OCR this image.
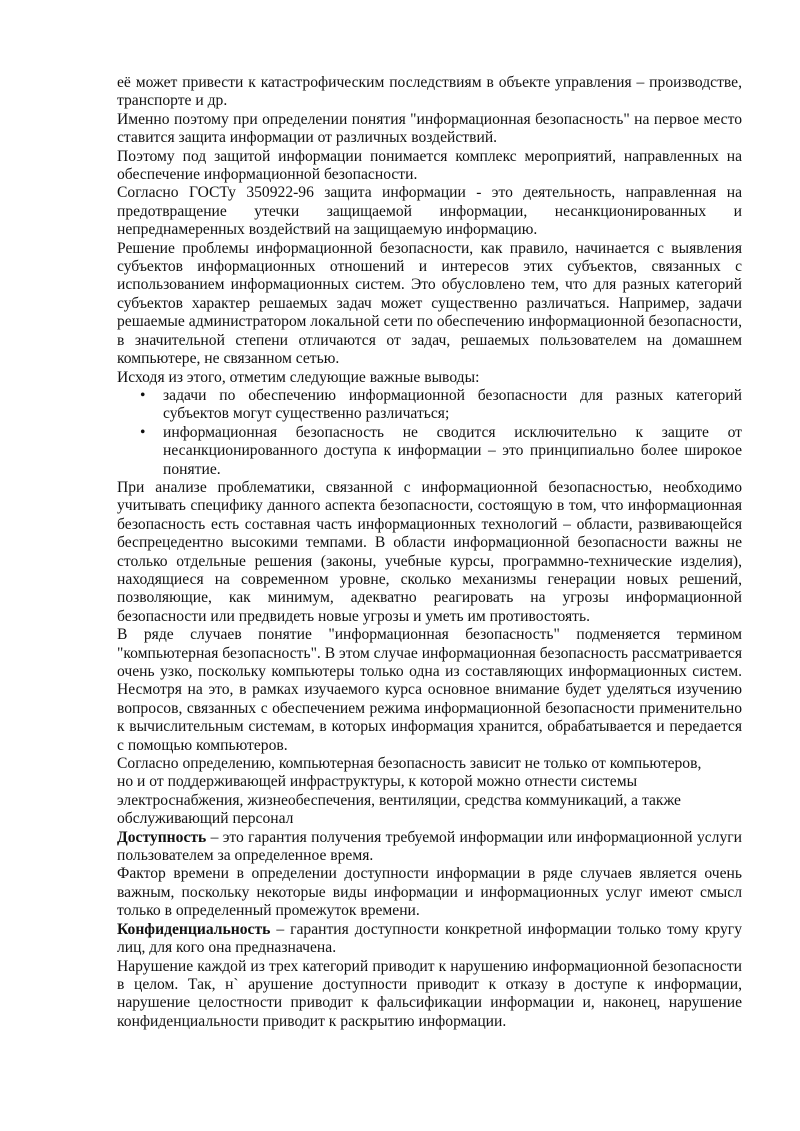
её может привести к катастрофическим последствиям в объекте управления – производстве, транспорте и др.

Именно поэтому при определении понятия "информационная безопасность" на первое место ставится защита информации от различных воздействий.

Поэтому под защитой информации понимается комплекс мероприятий, направленных на обеспечение информационной безопасности.

Согласно ГОСТу 350922-96 защита информации - это деятельность, направленная на предотвращение утечки защищаемой информации, несанкционированных и непреднамеренных воздействий на защищаемую информацию.

Решение проблемы информационной безопасности, как правило, начинается с выявления субъектов информационных отношений и интересов этих субъектов, связанных с использованием информационных систем. Это обусловлено тем, что для разных категорий субъектов характер решаемых задач может существенно различаться. Например, задачи решаемые администратором локальной сети по обеспечению информационной безопасности, в значительной степени отличаются от задач, решаемых пользователем на домашнем компьютере, не связанном сетью.

Исходя из этого, отметим следующие важные выводы:

• задачи по обеспечению информационной безопасности для разных категорий субъектов могут существенно различаться;
• информационная безопасность не сводится исключительно к защите от несанкционированного доступа к информации – это принципиально более широкое понятие.

При анализе проблематики, связанной с информационной безопасностью, необходимо учитывать специфику данного аспекта безопасности, состоящую в том, что информационная безопасность есть составная часть информационных технологий – области, развивающейся беспрецедентно высокими темпами. В области информационной безопасности важны не столько отдельные решения (законы, учебные курсы, программно-технические изделия), находящиеся на современном уровне, сколько механизмы генерации новых решений, позволяющие, как минимум, адекватно реагировать на угрозы информационной безопасности или предвидеть новые угрозы и уметь им противостоять.

В ряде случаев понятие "информационная безопасность" подменяется термином "компьютерная безопасность". В этом случае информационная безопасность рассматривается очень узко, поскольку компьютеры только одна из составляющих информационных систем. Несмотря на это, в рамках изучаемого курса основное внимание будет уделяться изучению вопросов, связанных с обеспечением режима информационной безопасности применительно к вычислительным системам, в которых информация хранится, обрабатывается и передается с помощью компьютеров.

Согласно определению, компьютерная безопасность зависит не только от компьютеров,
но и от поддерживающей инфраструктуры, к которой можно отнести системы
электроснабжения, жизнеобеспечения, вентиляции, средства коммуникаций, а также
обслуживающий персонал

Доступность – это гарантия получения требуемой информации или информационной услуги пользователем за определенное время.

Фактор времени в определении доступности информации в ряде случаев является очень важным, поскольку некоторые виды информации и информационных услуг имеют смысл только в определенный промежуток времени.

Конфиденциальность – гарантия доступности конкретной информации только тому кругу лиц, для кого она предназначена.

Нарушение каждой из трех категорий приводит к нарушению информационной безопасности в целом. Так, н` арушение доступности приводит к отказу в доступе к информации, нарушение целостности приводит к фальсификации информации и, наконец, нарушение конфиденциальности приводит к раскрытию информации.
